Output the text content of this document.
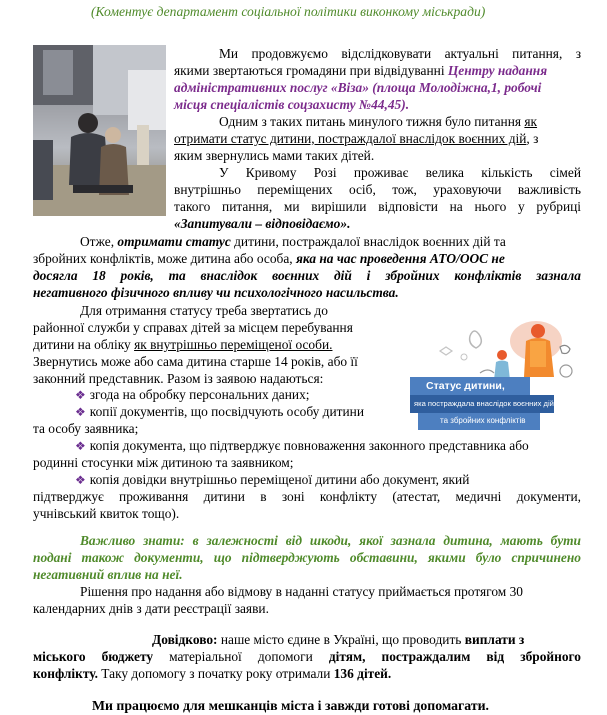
(Коментує департамент соціальної політики виконкому міськради)
Ми продовжуємо відслідковувати актуальні питання, з
якими звертаються громадяни при відвідуванні Центру надання
адміністративних послуг «Віза» (площа Молодіжна,1, робочі
місця спеціалістів соцзахисту №44,45).
Одним з таких питань минулого тижня було питання як
отримати статус дитини, постраждалої внаслідок воєнних дій, з
яким звернулись мами таких дітей.
У Кривому Розі проживає велика кількість сімей
внутрішньо переміщених осіб, тож, ураховуючи важливість
такого питання, ми вирішили відповісти на нього у рубриці
«Запитували – відповідаємо».
Отже, отримати статус дитини, постраждалої внаслідок воєнних дій та
збройних конфліктів, може дитина або особа, яка на час проведення АТО/ООС не
досягла 18 років, та внаслідок воєнних дій і збройних конфліктів зазнала
негативного фізичного впливу чи психологічного насильства.
Для отримання статусу треба звертатись до
районної служби у справах дітей за місцем перебування
дитини на обліку як внутрішньо переміщеної особи.
Звернутись може або сама дитина старше 14 років, або її
законний представник. Разом із заявою надаються:
❖ згода на обробку персональних даних;
❖ копії документів, що посвідчують особу дитини
та особу заявника;
❖ копія документа, що підтверджує повноваження законного представника або
родинні стосунки між дитиною та заявником;
❖ копія довідки внутрішньо переміщеної дитини або документ, який
підтверджує проживання дитини в зоні конфлікту (атестат, медичні документи,
учнівський квиток тощо).
Статус дитини,
яка постраждала внаслідок воєнних дій
та збройних конфліктів
Важливо знати: в залежності від шкоди, якої зазнала дитина, мають бути
подані також документи, що підтверджують обставини, якими було спричинено
негативний вплив на неї.
Рішення про надання або відмову в наданні статусу приймається протягом 30
календарних днів з дати реєстрації заяви.
Довідково: наше місто єдине в Україні, що проводить виплати з
міського бюджету матеріальної допомоги дітям, постраждалим від збройного
конфлікту. Таку допомогу з початку року отримали 136 дітей.
Ми працюємо для мешканців міста і завжди готові допомагати.
